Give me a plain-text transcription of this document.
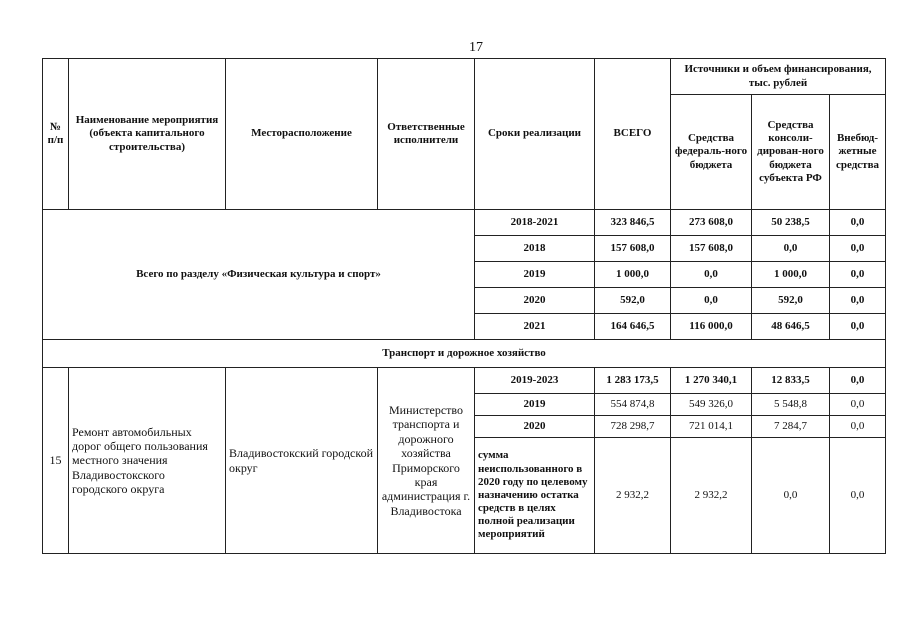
17
№ п/п	Наименование мероприятия (объекта капитального строительства)	Месторасположение	Ответственные исполнители	Сроки реализации	ВСЕГО	Источники и объем финансирования, тыс. рублей		
						Средства федераль-ного бюджета	Средства консоли-дирован-ного бюджета субъекта РФ	Внебюд-жетные средства
Всего по разделу «Физическая культура и спорт»				2018-2021	323 846,5	273 608,0	50 238,5	0,0
				2018	157 608,0	157 608,0	0,0	0,0
				2019	1 000,0	0,0	1 000,0	0,0
				2020	592,0	0,0	592,0	0,0
				2021	164 646,5	116 000,0	48 646,5	0,0
Транспорт и дорожное хозяйство								
15	Ремонт автомобильных дорог общего пользования местного значения Владивостокского городского округа	Владивостокский городской округ	Министерство транспорта и дорожного хозяйства Приморского края администрация г. Владивостока	2019-2023	1 283 173,5	1 270 340,1	12 833,5	0,0
				2019	554 874,8	549 326,0	5 548,8	0,0
				2020	728 298,7	721 014,1	7 284,7	0,0
				сумма неиспользованного в 2020 году по целевому назначению остатка средств в целях полной реализации мероприятий	2 932,2	2 932,2	0,0	0,0
